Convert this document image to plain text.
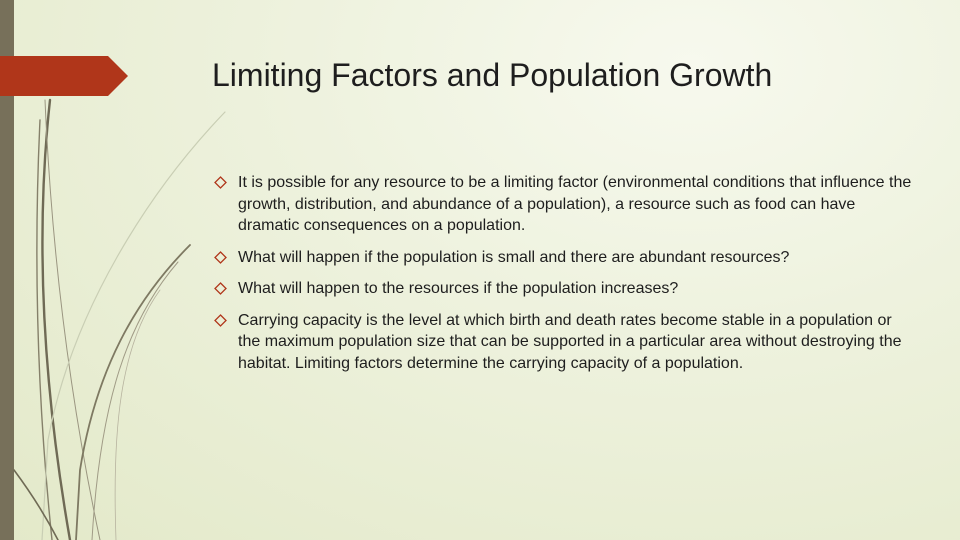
Limiting Factors and Population Growth
It is possible for any resource to be a limiting factor (environmental conditions that influence the growth, distribution, and abundance of a population), a resource such as food can have dramatic consequences on a population.
What will happen if the population is small and there are abundant resources?
What will happen to the resources if the population increases?
Carrying capacity is the level at which birth and death rates become stable in a population or the maximum population size that can be supported in a particular area without destroying the habitat. Limiting factors determine the carrying capacity of a population.
